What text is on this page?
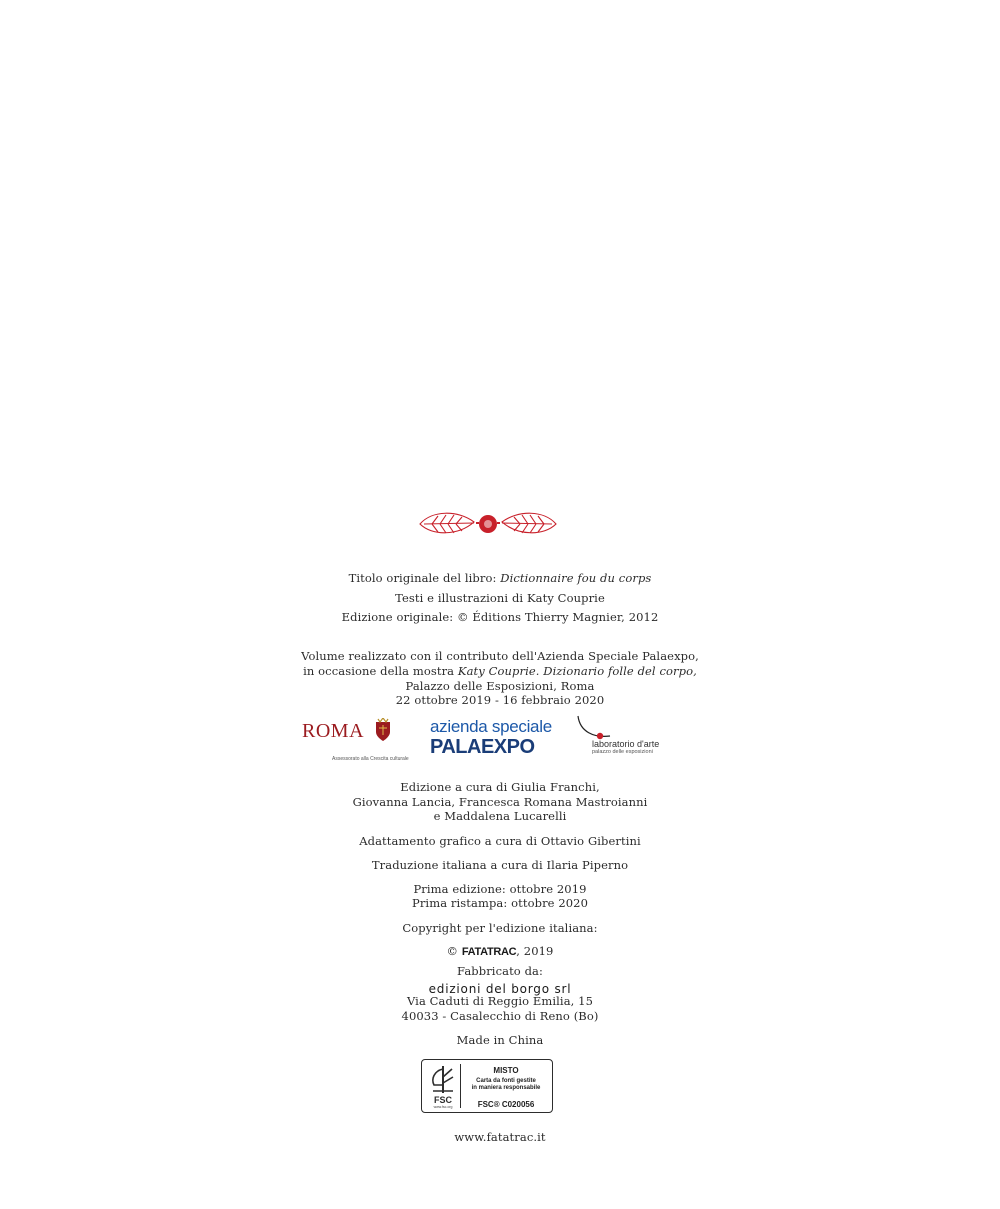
Titolo originale del libro: Dictionnaire fou du corps
Testi e illustrazioni di Katy Couprie
Edizione originale: © Éditions Thierry Magnier, 2012
Volume realizzato con il contributo dell'Azienda Speciale Palaexpo,
in occasione della mostra Katy Couprie. Dizionario folle del corpo,
Palazzo delle Esposizioni, Roma
22 ottobre 2019 - 16 febbraio 2020
ROMA
Assessorato alla Crescita culturale
azienda speciale
PALAEXPO	laboratorio d'arte
palazzo delle esposizioni
Edizione a cura di Giulia Franchi,
Giovanna Lancia, Francesca Romana Mastroianni
e Maddalena Lucarelli
Adattamento grafico a cura di Ottavio Gibertini
Traduzione italiana a cura di Ilaria Piperno
Prima edizione: ottobre 2019
Prima ristampa: ottobre 2020
Copyright per l'edizione italiana:
© FATATRAC, 2019
Fabbricato da:
edizioni del borgo srl
Via Caduti di Reggio Emilia, 15
40033 - Casalecchio di Reno (Bo)
Made in China
FSC
www.fsc.org
MISTO
Carta da fonti gestite
in maniera responsabile
FSC® C020056
www.fatatrac.it
